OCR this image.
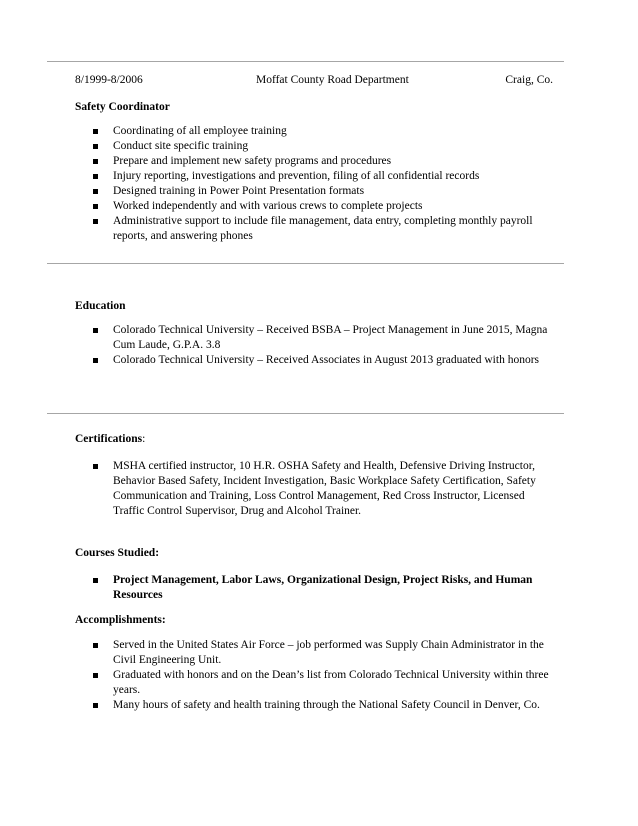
8/1999-8/2006	Moffat County Road Department	Craig, Co.

Safety Coordinator

Coordinating of all employee training
Conduct site specific training
Prepare and implement new safety programs and procedures
Injury reporting, investigations and prevention, filing of all confidential records
Designed training in Power Point Presentation formats
Worked independently and with various crews to complete projects
Administrative support to include file management, data entry, completing monthly payroll reports, and answering phones

Education

Colorado Technical University – Received BSBA – Project Management in June 2015, Magna Cum Laude, G.P.A. 3.8
Colorado Technical University – Received Associates in August 2013 graduated with honors

Certifications:

MSHA certified instructor, 10 H.R. OSHA Safety and Health, Defensive Driving Instructor, Behavior Based Safety, Incident Investigation, Basic Workplace Safety Certification, Safety Communication and Training, Loss Control Management, Red Cross Instructor, Licensed Traffic Control Supervisor, Drug and Alcohol Trainer.

Courses Studied:

Project Management, Labor Laws, Organizational Design, Project Risks, and Human Resources

Accomplishments:

Served in the United States Air Force – job performed was Supply Chain Administrator in the Civil Engineering Unit.
Graduated with honors and on the Dean’s list from Colorado Technical University within three years.
Many hours of safety and health training through the National Safety Council in Denver, Co.
